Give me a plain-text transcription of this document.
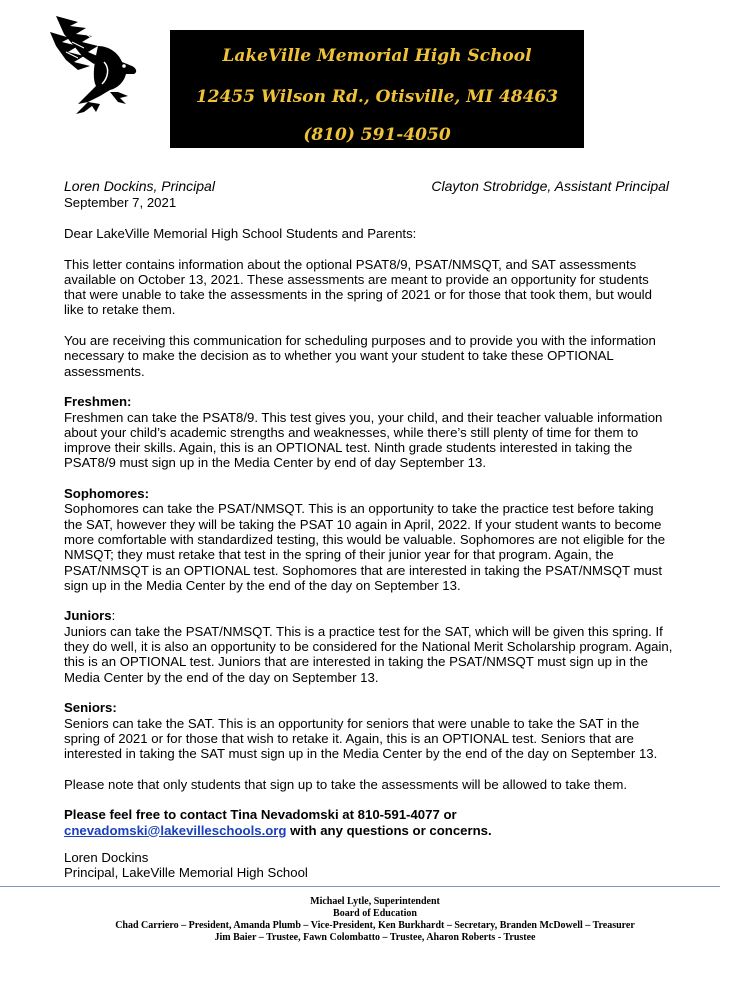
LakeVille Memorial High School
12455 Wilson Rd., Otisville, MI 48463
(810) 591-4050
Loren Dockins, Principal	Clayton Strobridge, Assistant Principal
September 7, 2021

Dear LakeVille Memorial High School Students and Parents:

This letter contains information about the optional PSAT8/9, PSAT/NMSQT, and SAT assessments available on October 13, 2021. These assessments are meant to provide an opportunity for students that were unable to take the assessments in the spring of 2021 or for those that took them, but would like to retake them.

You are receiving this communication for scheduling purposes and to provide you with the information necessary to make the decision as to whether you want your student to take these OPTIONAL assessments.

Freshmen:
Freshmen can take the PSAT8/9. This test gives you, your child, and their teacher valuable information about your child’s academic strengths and weaknesses, while there’s still plenty of time for them to improve their skills. Again, this is an OPTIONAL test. Ninth grade students interested in taking the PSAT8/9 must sign up in the Media Center by end of day September 13.

Sophomores:
Sophomores can take the PSAT/NMSQT. This is an opportunity to take the practice test before taking the SAT, however they will be taking the PSAT 10 again in April, 2022. If your student wants to become more comfortable with standardized testing, this would be valuable. Sophomores are not eligible for the NMSQT; they must retake that test in the spring of their junior year for that program. Again, the PSAT/NMSQT is an OPTIONAL test. Sophomores that are interested in taking the PSAT/NMSQT must sign up in the Media Center by the end of the day on September 13.

Juniors:
Juniors can take the PSAT/NMSQT. This is a practice test for the SAT, which will be given this spring. If they do well, it is also an opportunity to be considered for the National Merit Scholarship program. Again, this is an OPTIONAL test. Juniors that are interested in taking the PSAT/NMSQT must sign up in the Media Center by the end of the day on September 13.

Seniors:
Seniors can take the SAT. This is an opportunity for seniors that were unable to take the SAT in the spring of 2021 or for those that wish to retake it. Again, this is an OPTIONAL test. Seniors that are interested in taking the SAT must sign up in the Media Center by the end of the day on September 13.

Please note that only students that sign up to take the assessments will be allowed to take them.

Please feel free to contact Tina Nevadomski at 810-591-4077 or
cnevadomski@lakevilleschools.org with any questions or concerns.

Loren Dockins
Principal, LakeVille Memorial High School
Michael Lytle, Superintendent
Board of Education
Chad Carriero – President, Amanda Plumb – Vice-President, Ken Burkhardt – Secretary, Branden McDowell – Treasurer
Jim Baier – Trustee, Fawn Colombatto – Trustee, Aharon Roberts - Trustee
